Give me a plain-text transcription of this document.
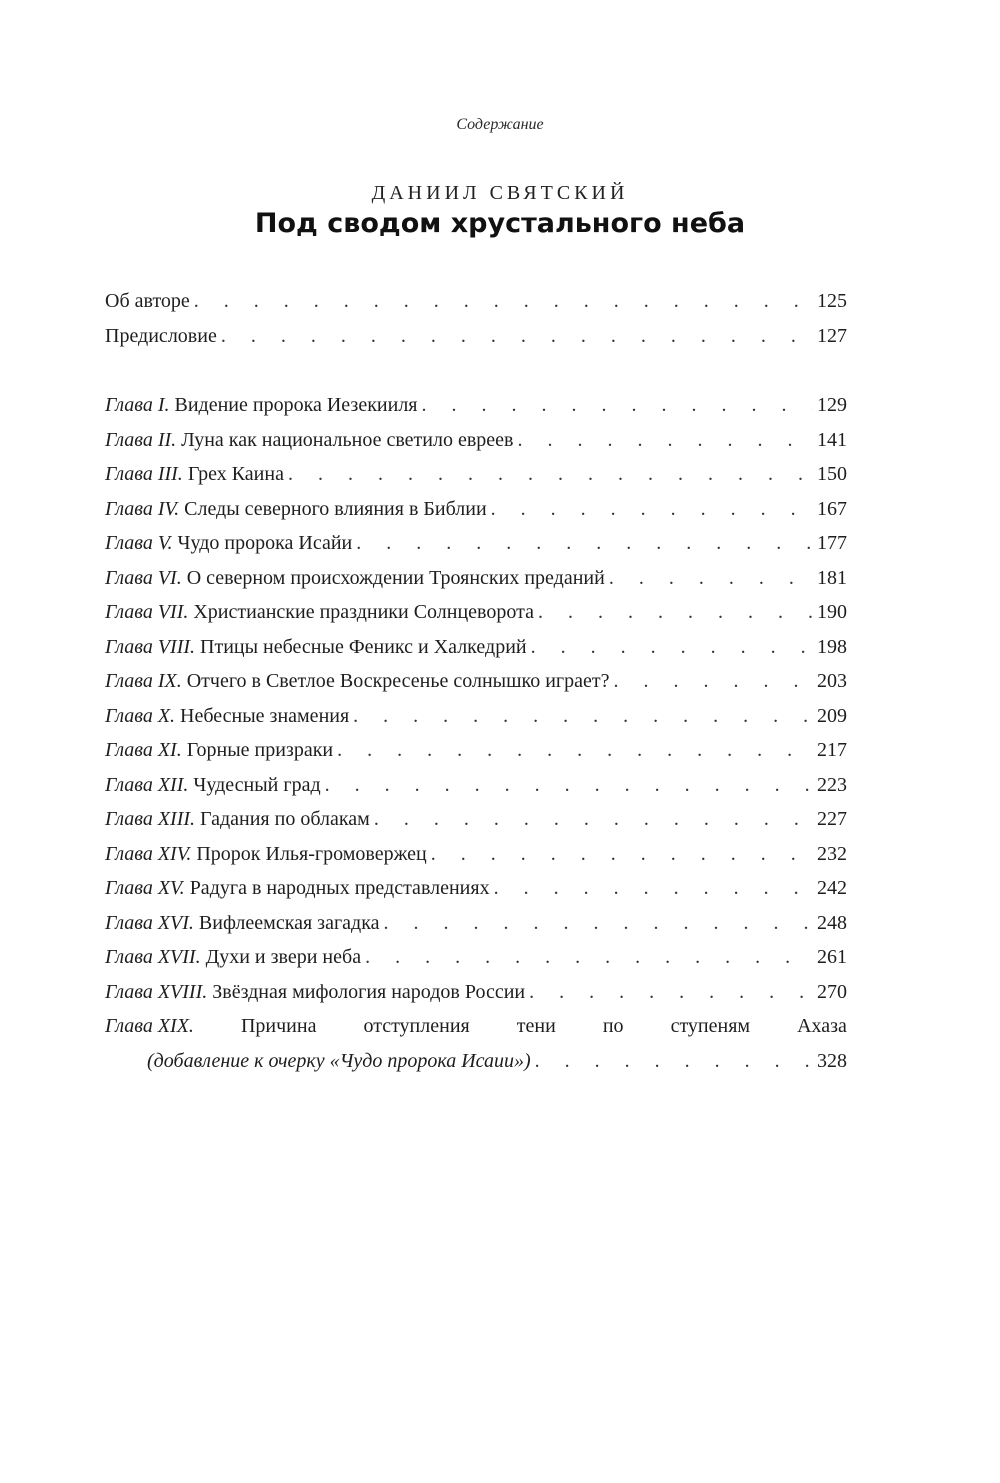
Содержание
ДАНИИЛ СВЯТСКИЙ
Под сводом хрустального неба
Об авторе . . .	125
Предисловие . . .	127
Глава I. Видение пророка Иезекииля . . .	129
Глава II. Луна как национальное светило евреев . . .	141
Глава III. Грех Каина . . .	150
Глава IV. Следы северного влияния в Библии . . .	167
Глава V. Чудо пророка Исайи . . .	177
Глава VI. О северном происхождении Троянских преданий . . .	181
Глава VII. Христианские праздники Солнцеворота . . .	190
Глава VIII. Птицы небесные Феникс и Халкедрий . . .	198
Глава IX. Отчего в Светлое Воскресенье солнышко играет? . . .	203
Глава X. Небесные знамения . . .	209
Глава XI. Горные призраки . . .	217
Глава XII. Чудесный град . . .	223
Глава XIII. Гадания по облакам . . .	227
Глава XIV. Пророк Илья-громовержец . . .	232
Глава XV. Радуга в народных представлениях . . .	242
Глава XVI. Вифлеемская загадка . . .	248
Глава XVII. Духи и звери неба . . .	261
Глава XVIII. Звёздная мифология народов России . . .	270
Глава XIX. Причина отступления тени по ступеням Ахаза
(добавление к очерку «Чудо пророка Исаии») . . .	328
